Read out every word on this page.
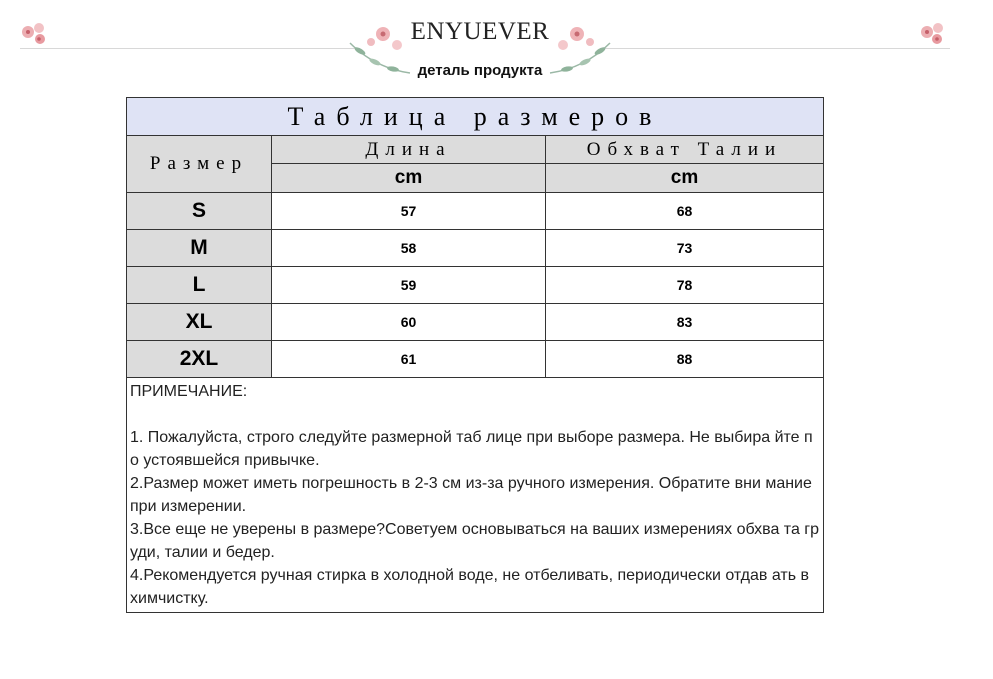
ENYUEVER
деталь продукта
Таблица размеров		
Размер	Длина	Обхват Талии
	cm	cm
S	57	68
M	58	73
L	59	78
XL	60	83
2XL	61	88

ПРИМЕЧАНИЕ:
1. Пожалуйста, строго следуйте размерной таб лице при выборе размера. Не выбира йте по устоявшейся привычке.
2.Размер может иметь погрешность в 2-3 см из-за ручного измерения. Обратите вни мание при измерении.
3.Все еще не уверены в размере?Советуем основываться на ваших измерениях обхва та груди, талии и бедер.
4.Рекомендуется ручная стирка в холодной воде, не отбеливать, периодически отдав ать в химчистку.		
